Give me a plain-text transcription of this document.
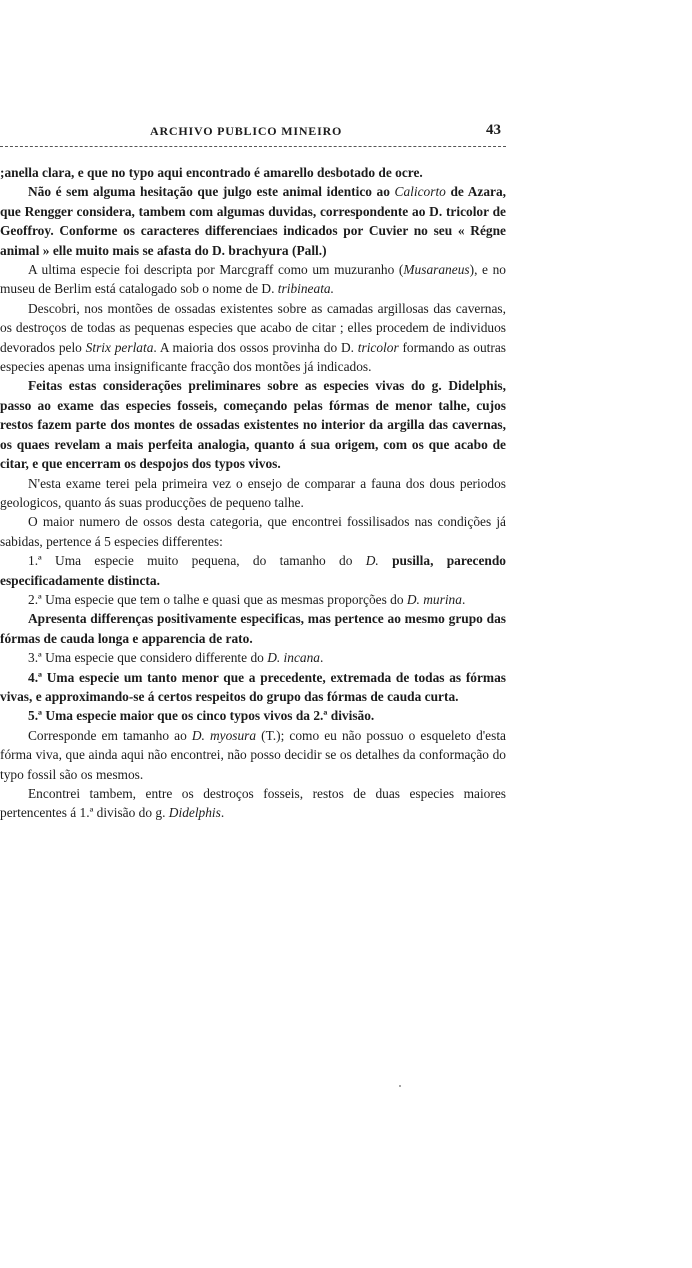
ARCHIVO PUBLICO MINEIRO	43

;anella clara, e que no typo aqui encontrado é amarello desbotado de ocre.

Não é sem alguma hesitação que julgo este animal identico ao Calicorto de Azara, que Rengger considera, tambem com algumas duvidas, correspondente ao D. tricolor de Geoffroy. Conforme os caracteres differenciaes indicados por Cuvier no seu « Régne animal » elle muito mais se afasta do D. brachyura (Pall.)

A ultima especie foi descripta por Marcgraff como um muzuranho (Musaraneus), e no museu de Berlim está catalogado sob o nome de D. tribineata.

Descobri, nos montões de ossadas existentes sobre as camadas argillosas das cavernas, os destroços de todas as pequenas especies que acabo de citar ; elles procedem de individuos devorados pelo Strix perlata. A maioria dos ossos provinha do D. tricolor formando as outras especies apenas uma insignificante fracção dos montões já indicados.

Feitas estas considerações preliminares sobre as especies vivas do g. Didelphis, passo ao exame das especies fosseis, começando pelas fórmas de menor talhe, cujos restos fazem parte dos montes de ossadas existentes no interior da argilla das cavernas, os quaes revelam a mais perfeita analogia, quanto á sua origem, com os que acabo de citar, e que encerram os despojos dos typos vivos.

N'esta exame terei pela primeira vez o ensejo de comparar a fauna dos dous periodos geologicos, quanto ás suas producções de pequeno talhe.

O maior numero de ossos desta categoria, que encontrei fossilisados nas condições já sabidas, pertence á 5 especies differentes:

1.ª Uma especie muito pequena, do tamanho do D. pusilla, parecendo especificadamente distincta.

2.ª Uma especie que tem o talhe e quasi que as mesmas proporções do D. murina.

Apresenta differenças positivamente especificas, mas pertence ao mesmo grupo das fórmas de cauda longa e apparencia de rato.

3.ª Uma especie que considero differente do D. incana.

4.ª Uma especie um tanto menor que a precedente, extremada de todas as fórmas vivas, e approximando-se á certos respeitos do grupo das fórmas de cauda curta.

5.ª Uma especie maior que os cinco typos vivos da 2.ª divisão.

Corresponde em tamanho ao D. myosura (T.); como eu não possuo o esqueleto d'esta fórma viva, que ainda aqui não encontrei, não posso decidir se os detalhes da conformação do typo fossil são os mesmos.

Encontrei tambem, entre os destroços fosseis, restos de duas especies maiores pertencentes á 1.ª divisão do g. Didelphis.
